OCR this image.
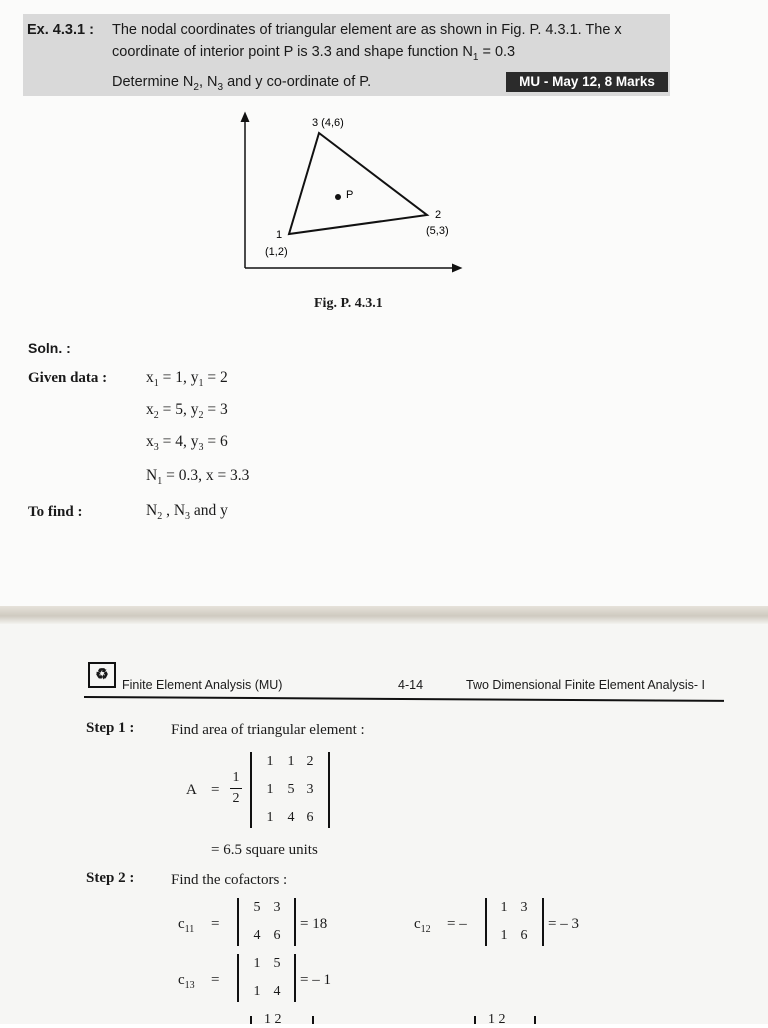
Ex. 4.3.1 : The nodal coordinates of triangular element are as shown in Fig. P. 4.3.1. The x
coordinate of interior point P is 3.3 and shape function $N_1 = 0.3$
Determine $N_2$, $N_3$ and y co-ordinate of P.	MU - May 12, 8 Marks
3 (4,6)
P
2
(5,3)
1
(1,2)
Fig. P. 4.3.1
Soln. :
Given data :	$x_1 = 1$, $y_1 = 2$
$x_2 = 5$, $y_2 = 3$
$x_3 = 4$, $y_3 = 6$
$N_1 = 0.3$, x = 3.3
To find :	$N_2$ , $N_3$ and y
♻
Finite Element Analysis (MU)	4-14	Two Dimensional Finite Element Analysis- I
Step 1 : Find area of triangular element :
A =
1
2
1 1 2
1 5 3
1 4 6
= 6.5 square units
Step 2 : Find the cofactors :
$c_{11}$ =
5 3
4 6
= 18	$c_{12}$ = –
1 3
1 6
= – 3
$c_{13}$ =
1 5
1 4
= – 1
1 2	1 2
